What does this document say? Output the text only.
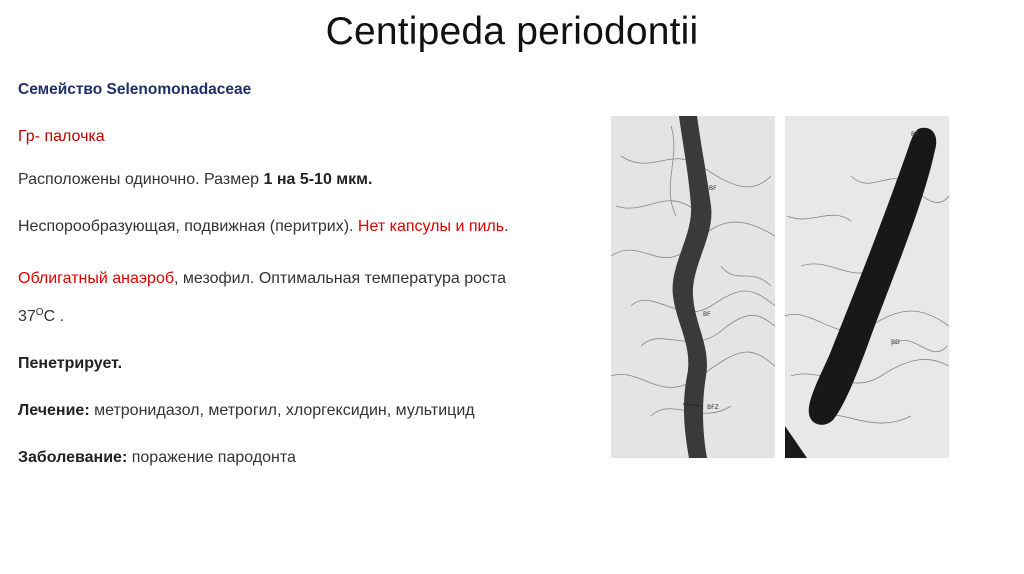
Centipeda periodontii
Семейство Selenomonadaceae
Гр- палочка
Расположены одиночно. Размер 1 на 5-10 мкм.
Неспорообразующая, подвижная (перитрих). Нет капсулы и пиль.
Облигатный анаэроб, мезофил. Оптимальная температура роста $37^ОС$ .
Пенетрирует.
Лечение: метронидазол, метрогил, хлоргексидин, мультицид
Заболевание: поражение пародонта
BF
BF
BFZ
BF
BD
